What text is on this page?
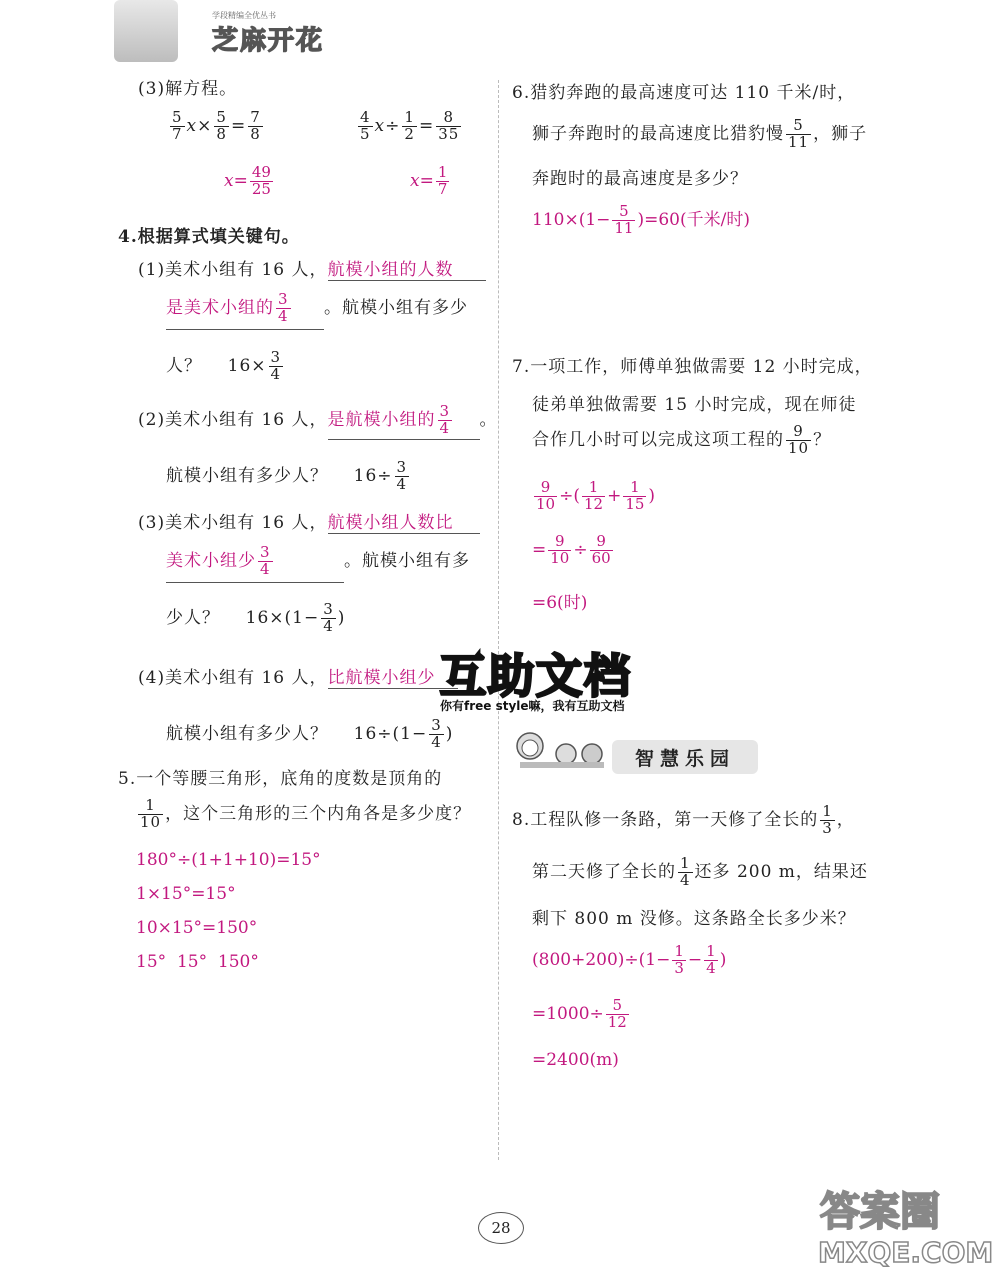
学段精编全优丛书
芝麻开花
(3)解方程。
$\frac{5}{7} x\times \frac{5}{8} = \frac{7}{8}$
$x= \frac{49}{25}$
$\frac{4}{5} x\div \frac{1}{2} = \frac{8}{35}$
$x= \frac{1}{7}$
4.根据算式填关键句。
(1)美术小组有 16 人，航模小组的人数
是美术小组的 $\frac{3}{4}$ 。航模小组有多少
人？ $16\times \frac{3}{4}$
(2)美术小组有 16 人，是航模小组的 $\frac{3}{4}$ 。
航模小组有多少人？ $16\div \frac{3}{4}$
(3)美术小组有 16 人，航模小组人数比
美术小组少 $\frac{3}{4}$	。航模小组有多
少人？ $16\times(1- \frac{3}{4}$ )
(4)美术小组有 16 人，比航模小组少
航模小组有多少人？ $16\div(1- \frac{3}{4}$ )
5.一个等腰三角形，底角的度数是顶角的
$\frac{1}{10}$ ，这个三角形的三个内角各是多少度？
180°÷(1+1+10)=15°
1×15°=15°
10×15°=150°
15°  15°  150°
6.猎豹奔跑的最高速度可达 110 千米/时，
狮子奔跑时的最高速度比猎豹慢 $\frac{5}{11}$ ，狮子
奔跑时的最高速度是多少？
$110\times(1- \frac{5}{11} )=60$(千米/时)
7.一项工作，师傅单独做需要 12 小时完成，
徒弟单独做需要 15 小时完成，现在师徒
合作几小时可以完成这项工程的 $\frac{9}{10}$ ？
$\frac{9}{10}$ ÷( $\frac{1}{12} + \frac{1}{15}$ )
= $\frac{9}{10} \div \frac{9}{60}$
=6(时)
互助文档
你有free style嘛，我有互助文档
智慧乐园
8.工程队修一条路，第一天修了全长的 $\frac{1}{3}$ ，
第二天修了全长的 $\frac{1}{4}$ 还多 200 m，结果还
剩下 800 m 没修。这条路全长多少米？
$(800+200)\div(1- \frac{1}{3} - \frac{1}{4}$ )
$=1000\div \frac{5}{12}$
=2400(m)
28	答案圈
MXQE.COM
